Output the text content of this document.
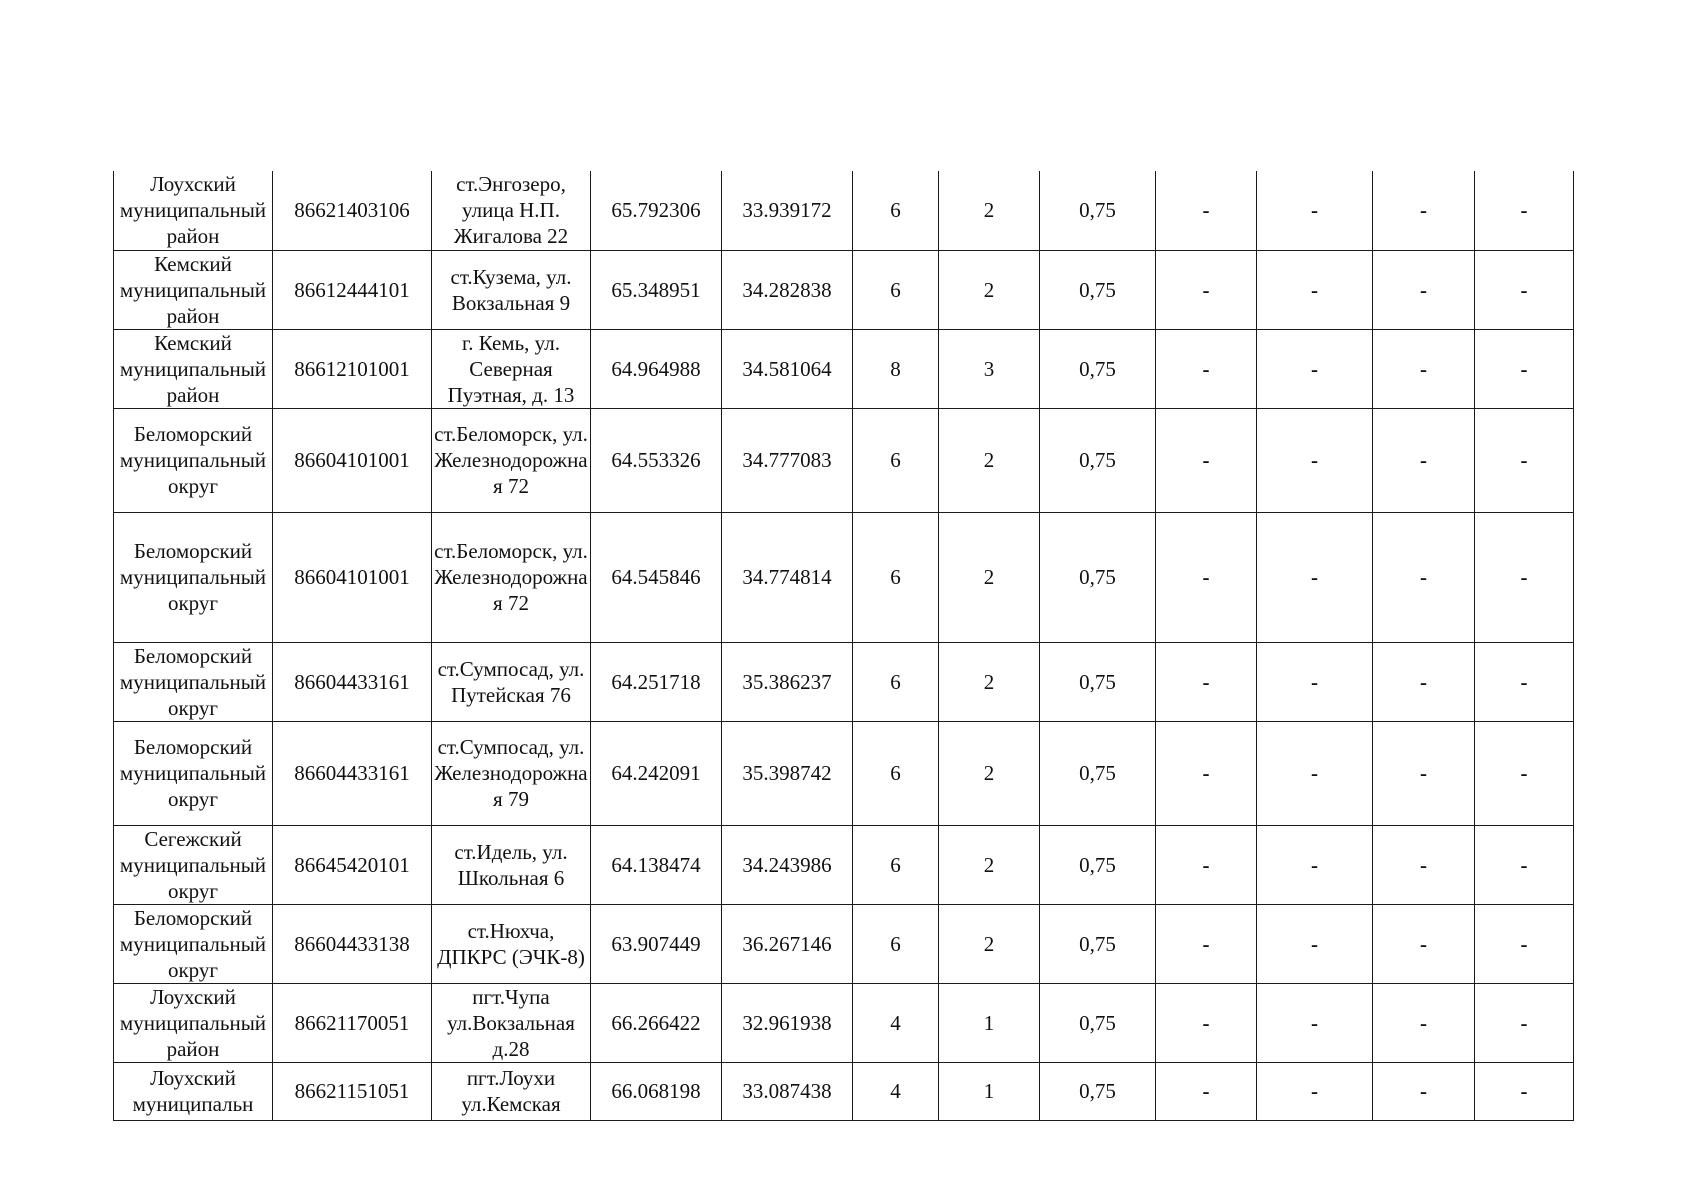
Лоухский муниципальный район	86621403106	ст.Энгозеро, улица Н.П. Жигалова 22	65.792306	33.939172	6	2	0,75	-	-	-	-
Кемский муниципальный район	86612444101	ст.Кузема, ул. Вокзальная 9	65.348951	34.282838	6	2	0,75	-	-	-	-
Кемский муниципальный район	86612101001	г. Кемь, ул. Северная Пуэтная, д. 13	64.964988	34.581064	8	3	0,75	-	-	-	-
Беломорский муниципальный округ	86604101001	ст.Беломорск, ул. Железнодорожная 72	64.553326	34.777083	6	2	0,75	-	-	-	-
Беломорский муниципальный округ	86604101001	ст.Беломорск, ул. Железнодорожная 72	64.545846	34.774814	6	2	0,75	-	-	-	-
Беломорский муниципальный округ	86604433161	ст.Сумпосад, ул. Путейская 76	64.251718	35.386237	6	2	0,75	-	-	-	-
Беломорский муниципальный округ	86604433161	ст.Сумпосад, ул. Железнодорожная 79	64.242091	35.398742	6	2	0,75	-	-	-	-
Сегежский муниципальный округ	86645420101	ст.Идель, ул. Школьная 6	64.138474	34.243986	6	2	0,75	-	-	-	-
Беломорский муниципальный округ	86604433138	ст.Нюхча, ДПКРС (ЭЧК-8)	63.907449	36.267146	6	2	0,75	-	-	-	-
Лоухский муниципальный район	86621170051	пгт.Чупа ул.Вокзальная д.28	66.266422	32.961938	4	1	0,75	-	-	-	-
Лоухский муниципальн	86621151051	пгт.Лоухи ул.Кемская	66.068198	33.087438	4	1	0,75	-	-	-	-
